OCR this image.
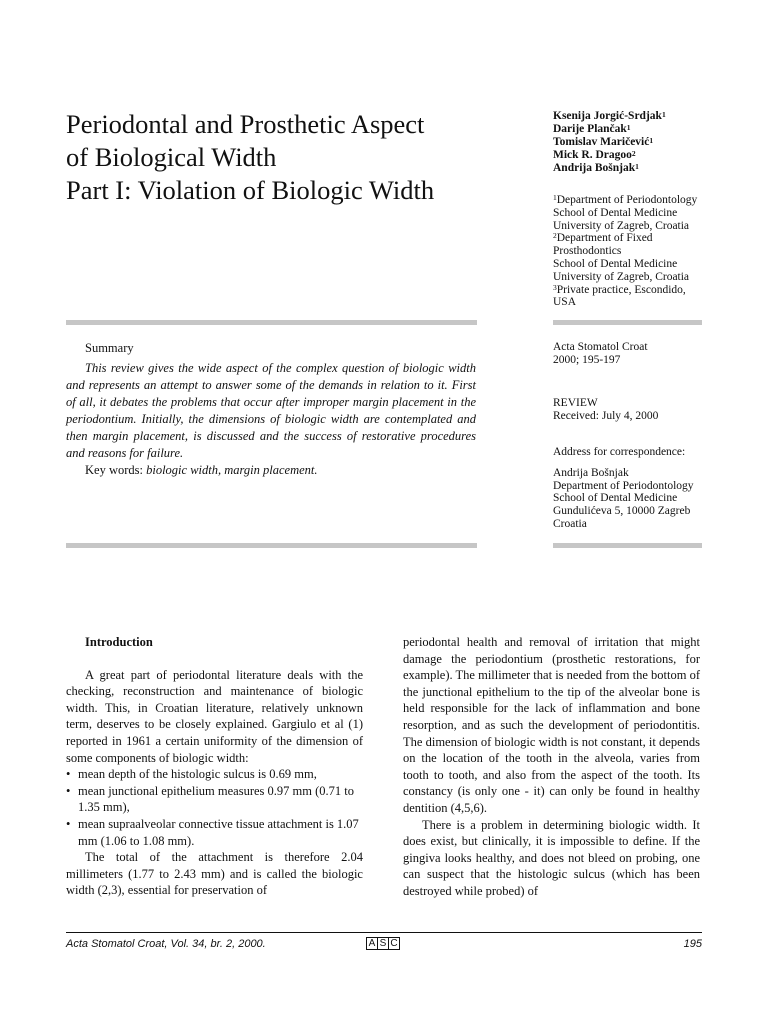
Periodontal and Prosthetic Aspect
of Biological Width
Part I: Violation of Biologic Width
Ksenija Jorgić-Srdjak$^1$
Darije Plančak$^1$
Tomislav Maričević$^1$
Mick R. Dragoo$^2$
Andrija Bošnjak$^1$
$^1$Department of Periodontology
School of Dental Medicine
University of Zagreb, Croatia
$^2$Department of Fixed
Prosthodontics
School of Dental Medicine
University of Zagreb, Croatia
$^3$Private practice, Escondido,
USA
Summary

This review gives the wide aspect of the complex question of biologic width and represents an attempt to answer some of the demands in relation to it. First of all, it debates the problems that occur after improper margin placement in the periodontium. Initially, the dimensions of biologic width are contemplated and then margin placement, is discussed and the success of restorative procedures and reasons for failure.

Key words: biologic width, margin placement.
Acta Stomatol Croat
2000; 195-197
REVIEW
Received: July 4, 2000
Address for correspondence:
Andrija Bošnjak
Department of Periodontology
School of Dental Medicine
Gundulićeva 5, 10000 Zagreb
Croatia
Introduction

A great part of periodontal literature deals with the checking, reconstruction and maintenance of biologic width. This, in Croatian literature, relatively unknown term, deserves to be closely explained. Gargiulo et al (1) reported in 1961 a certain uniformity of the dimension of some components of biologic width:

• mean depth of the histologic sulcus is 0.69 mm,
• mean junctional epithelium measures 0.97 mm (0.71 to 1.35 mm),
• mean supraalveolar connective tissue attachment is 1.07 mm (1.06 to 1.08 mm).

The total of the attachment is therefore 2.04 millimeters (1.77 to 2.43 mm) and is called the biologic width (2,3), essential for preservation of

periodontal health and removal of irritation that might damage the periodontium (prosthetic restorations, for example). The millimeter that is needed from the bottom of the junctional epithelium to the tip of the alveolar bone is held responsible for the lack of inflammation and bone resorption, and as such the development of periodontitis. The dimension of biologic width is not constant, it depends on the location of the tooth in the alveola, varies from tooth to tooth, and also from the aspect of the tooth. Its constancy (is only one - it) can only be found in healthy dentition (4,5,6).

There is a problem in determining biologic width. It does exist, but clinically, it is impossible to define. If the gingiva looks healthy, and does not bleed on probing, one can suspect that the histologic sulcus (which has been destroyed while probed) of

Acta Stomatol Croat, Vol. 34, br. 2, 2000.	A S C	195
